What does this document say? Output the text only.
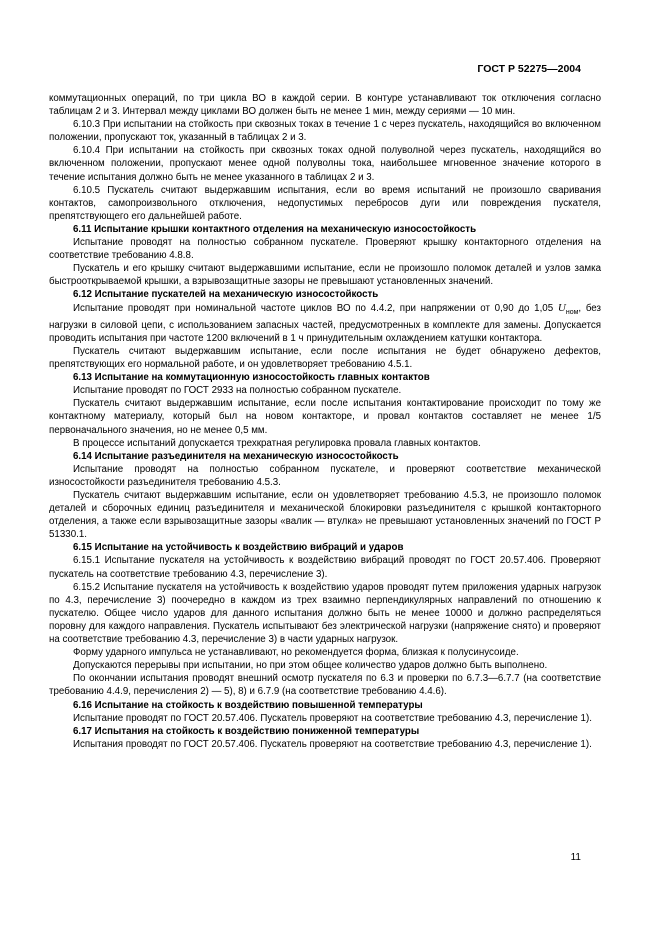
ГОСТ Р 52275—2004

коммутационных операций, по три цикла ВО в каждой серии. В контуре устанавливают ток отключения согласно таблицам 2 и 3. Интервал между циклами ВО должен быть не менее 1 мин, между сериями — 10 мин.

6.10.3 При испытании на стойкость при сквозных токах в течение 1 с через пускатель, находящийся во включенном положении, пропускают ток, указанный в таблицах 2 и 3.

6.10.4 При испытании на стойкость при сквозных токах одной полуволной через пускатель, находящийся во включенном положении, пропускают менее одной полуволны тока, наибольшее мгновенное значение которого в течение испытания должно быть не менее указанного в таблицах 2 и 3.

6.10.5 Пускатель считают выдержавшим испытания, если во время испытаний не произошло сваривания контактов, самопроизвольного отключения, недопустимых перебросов дуги или повреждения пускателя, препятствующего его дальнейшей работе.

6.11 Испытание крышки контактного отделения на механическую износостойкость

Испытание проводят на полностью собранном пускателе. Проверяют крышку контакторного отделения на соответствие требованию 4.8.8.

Пускатель и его крышку считают выдержавшими испытание, если не произошло поломок деталей и узлов замка быстрооткрываемой крышки, а взрывозащитные зазоры не превышают установленных значений.

6.12 Испытание пускателей на механическую износостойкость

Испытание проводят при номинальной частоте циклов ВО по 4.4.2, при напряжении от 0,90 до 1,05 $U_{ном}$, без нагрузки в силовой цепи, с использованием запасных частей, предусмотренных в комплекте для замены. Допускается проводить испытания при частоте 1200 включений в 1 ч принудительным охлаждением катушки контактора.

Пускатель считают выдержавшим испытание, если после испытания не будет обнаружено дефектов, препятствующих его нормальной работе, и он удовлетворяет требованию 4.5.1.

6.13 Испытание на коммутационную износостойкость главных контактов

Испытание проводят по ГОСТ 2933 на полностью собранном пускателе.

Пускатель считают выдержавшим испытание, если после испытания контактирование происходит по тому же контактному материалу, который был на новом контакторе, и провал контактов составляет не менее 1/5 первоначального значения, но не менее 0,5 мм.

В процессе испытаний допускается трехкратная регулировка провала главных контактов.

6.14 Испытание разъединителя на механическую износостойкость

Испытание проводят на полностью собранном пускателе, и проверяют соответствие механической износостойкости разъединителя требованию 4.5.3.

Пускатель считают выдержавшим испытание, если он удовлетворяет требованию 4.5.3, не произошло поломок деталей и сборочных единиц разъединителя и механической блокировки разъединителя с крышкой контакторного отделения, а также если взрывозащитные зазоры «валик — втулка» не превышают установленных значений по ГОСТ Р 51330.1.

6.15 Испытание на устойчивость к воздействию вибраций и ударов

6.15.1 Испытание пускателя на устойчивость к воздействию вибраций проводят по ГОСТ 20.57.406. Проверяют пускатель на соответствие требованию 4.3, перечисление 3).

6.15.2 Испытание пускателя на устойчивость к воздействию ударов проводят путем приложения ударных нагрузок по 4.3, перечисление 3) поочередно в каждом из трех взаимно перпендикулярных направлений по отношению к пускателю. Общее число ударов для данного испытания должно быть не менее 10000 и должно распределяться поровну для каждого направления. Пускатель испытывают без электрической нагрузки (напряжение снято) и проверяют на соответствие требованию 4.3, перечисление 3) в части ударных нагрузок.

Форму ударного импульса не устанавливают, но рекомендуется форма, близкая к полусинусоиде.

Допускаются перерывы при испытании, но при этом общее количество ударов должно быть выполнено.

По окончании испытания проводят внешний осмотр пускателя по 6.3 и проверки по 6.7.3—6.7.7 (на соответствие требованию 4.4.9, перечисления 2) — 5), 8) и 6.7.9 (на соответствие требованию 4.4.6).

6.16 Испытание на стойкость к воздействию повышенной температуры

Испытание проводят по ГОСТ 20.57.406. Пускатель проверяют на соответствие требованию 4.3, перечисление 1).

6.17 Испытания на стойкость к воздействию пониженной температуры

Испытания проводят по ГОСТ 20.57.406. Пускатель проверяют на соответствие требованию 4.3, перечисление 1).

11
